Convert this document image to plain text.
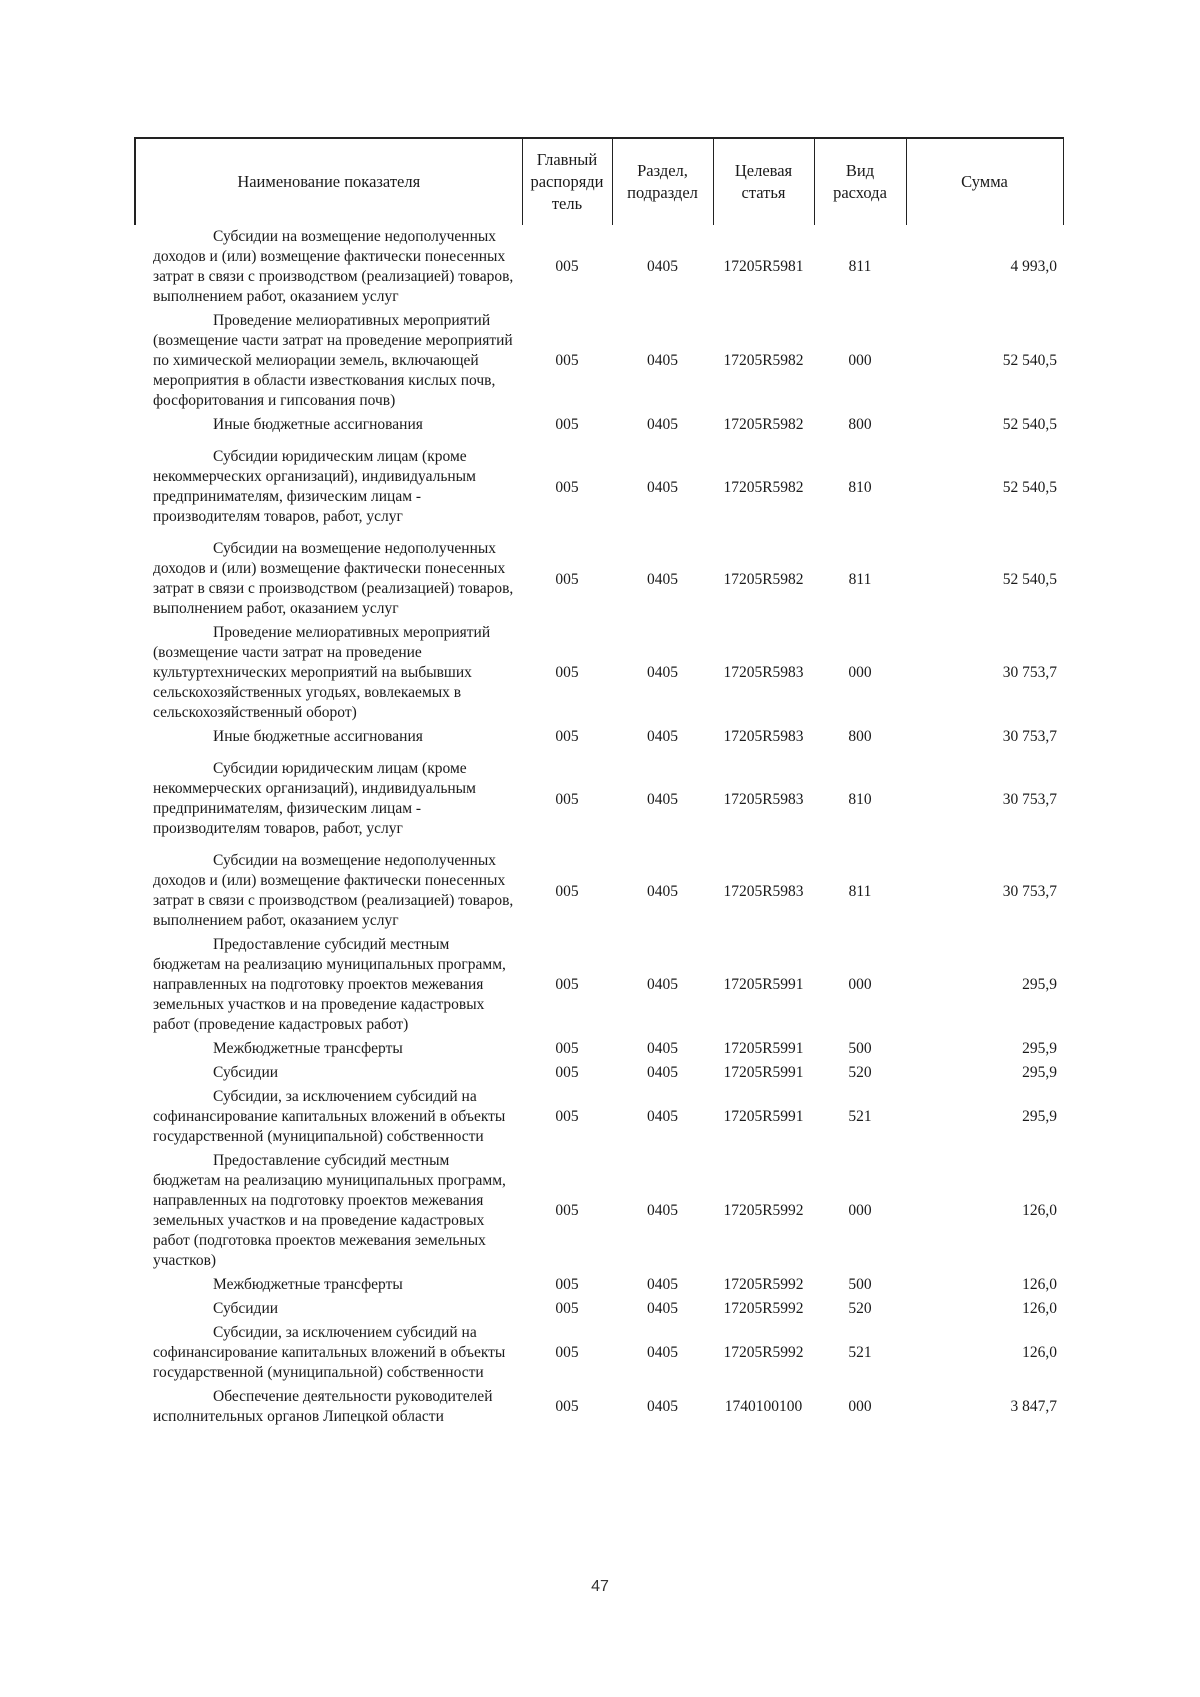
Наименование показателя	Главный распоряди тель	Раздел, подраздел	Целевая статья	Вид расхода	Сумма

Субсидии на возмещение недополученных доходов и (или) возмещение фактически понесенных затрат в связи с производством (реализацией) товаров, выполнением работ, оказанием услуг	005	0405	17205R5981	811	4 993,0

Проведение мелиоративных мероприятий (возмещение части затрат на проведение мероприятий по химической мелиорации земель, включающей мероприятия в области известкования кислых почв, фосфоритования и гипсования почв)	005	0405	17205R5982	000	52 540,5

Иные бюджетные ассигнования	005	0405	17205R5982	800	52 540,5

Субсидии юридическим лицам (кроме некоммерческих организаций), индивидуальным предпринимателям, физическим лицам - производителям товаров, работ, услуг	005	0405	17205R5982	810	52 540,5

Субсидии на возмещение недополученных доходов и (или) возмещение фактически понесенных затрат в связи с производством (реализацией) товаров, выполнением работ, оказанием услуг	005	0405	17205R5982	811	52 540,5

Проведение мелиоративных мероприятий (возмещение части затрат на проведение культуртехнических мероприятий на выбывших сельскохозяйственных угодьях, вовлекаемых в сельскохозяйственный оборот)	005	0405	17205R5983	000	30 753,7

Иные бюджетные ассигнования	005	0405	17205R5983	800	30 753,7

Субсидии юридическим лицам (кроме некоммерческих организаций), индивидуальным предпринимателям, физическим лицам - производителям товаров, работ, услуг	005	0405	17205R5983	810	30 753,7

Субсидии на возмещение недополученных доходов и (или) возмещение фактически понесенных затрат в связи с производством (реализацией) товаров, выполнением работ, оказанием услуг	005	0405	17205R5983	811	30 753,7

Предоставление субсидий местным бюджетам на реализацию муниципальных программ, направленных на подготовку проектов межевания земельных участков и на проведение кадастровых работ (проведение кадастровых работ)	005	0405	17205R5991	000	295,9

Межбюджетные трансферты	005	0405	17205R5991	500	295,9

Субсидии	005	0405	17205R5991	520	295,9

Субсидии, за исключением субсидий на софинансирование капитальных вложений в объекты государственной (муниципальной) собственности	005	0405	17205R5991	521	295,9

Предоставление субсидий местным бюджетам на реализацию муниципальных программ, направленных на подготовку проектов межевания земельных участков и на проведение кадастровых работ (подготовка проектов межевания земельных участков)	005	0405	17205R5992	000	126,0

Межбюджетные трансферты	005	0405	17205R5992	500	126,0

Субсидии	005	0405	17205R5992	520	126,0

Субсидии, за исключением субсидий на софинансирование капитальных вложений в объекты государственной (муниципальной) собственности	005	0405	17205R5992	521	126,0

Обеспечение деятельности руководителей исполнительных органов Липецкой области	005	0405	1740100100	000	3 847,7
47
